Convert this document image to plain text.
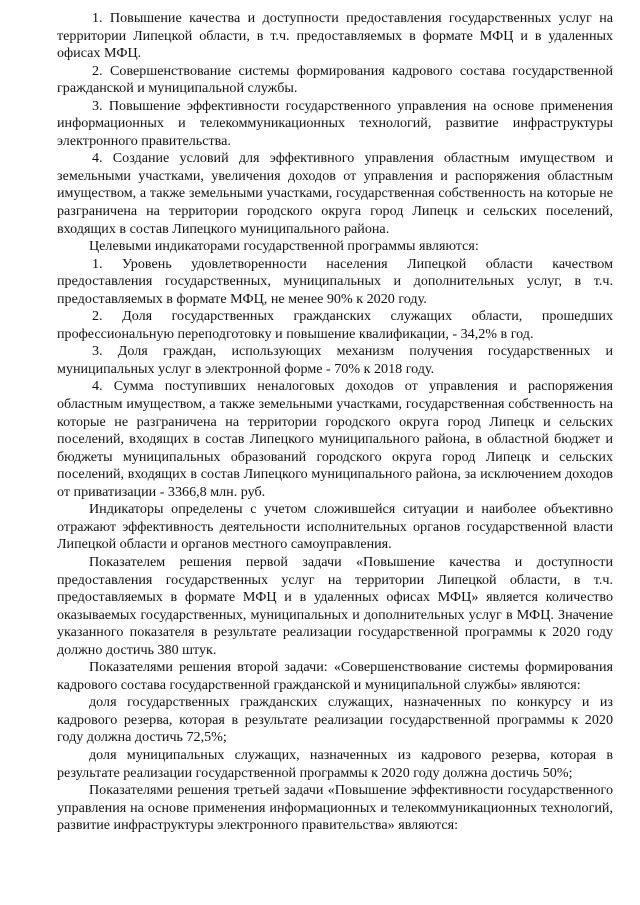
1. Повышение качества и доступности предоставления государственных услуг на территории Липецкой области, в т.ч. предоставляемых в формате МФЦ и в удаленных офисах МФЦ.

2. Совершенствование системы формирования кадрового состава государственной гражданской и муниципальной службы.

3. Повышение эффективности государственного управления на основе применения информационных и телекоммуникационных технологий, развитие инфраструктуры электронного правительства.

4. Создание условий для эффективного управления областным имуществом и земельными участками, увеличения доходов от управления и распоряжения областным имуществом, а также земельными участками, государственная собственность на которые не разграничена на территории городского округа город Липецк и сельских поселений, входящих в состав Липецкого муниципального района.

Целевыми индикаторами государственной программы являются:

1. Уровень удовлетворенности населения Липецкой области качеством предоставления государственных, муниципальных и дополнительных услуг, в т.ч. предоставляемых в формате МФЦ, не менее 90% к 2020 году.

2. Доля государственных гражданских служащих области, прошедших профессиональную переподготовку и повышение квалификации, - 34,2% в год.

3. Доля граждан, использующих механизм получения государственных и муниципальных услуг в электронной форме - 70% к 2018 году.

4. Сумма поступивших неналоговых доходов от управления и распоряжения областным имуществом, а также земельными участками, государственная собственность на которые не разграничена на территории городского округа город Липецк и сельских поселений, входящих в состав Липецкого муниципального района, в областной бюджет и бюджеты муниципальных образований городского округа город Липецк и сельских поселений, входящих в состав Липецкого муниципального района, за исключением доходов от приватизации - 3366,8 млн. руб.

Индикаторы определены с учетом сложившейся ситуации и наиболее объективно отражают эффективность деятельности исполнительных органов государственной власти Липецкой области и органов местного самоуправления.

Показателем решения первой задачи «Повышение качества и доступности предоставления государственных услуг на территории Липецкой области, в т.ч. предоставляемых в формате МФЦ и в удаленных офисах МФЦ» является количество оказываемых государственных, муниципальных и дополнительных услуг в МФЦ. Значение указанного показателя в результате реализации государственной программы к 2020 году должно достичь 380 штук.

Показателями решения второй задачи: «Совершенствование системы формирования кадрового состава государственной гражданской и муниципальной службы» являются:

доля государственных гражданских служащих, назначенных по конкурсу и из кадрового резерва, которая в результате реализации государственной программы к 2020 году должна достичь 72,5%;

доля муниципальных служащих, назначенных из кадрового резерва, которая в результате реализации государственной программы к 2020 году должна достичь 50%;

Показателями решения третьей задачи «Повышение эффективности государственного управления на основе применения информационных и телекоммуникационных технологий, развитие инфраструктуры электронного правительства» являются:
